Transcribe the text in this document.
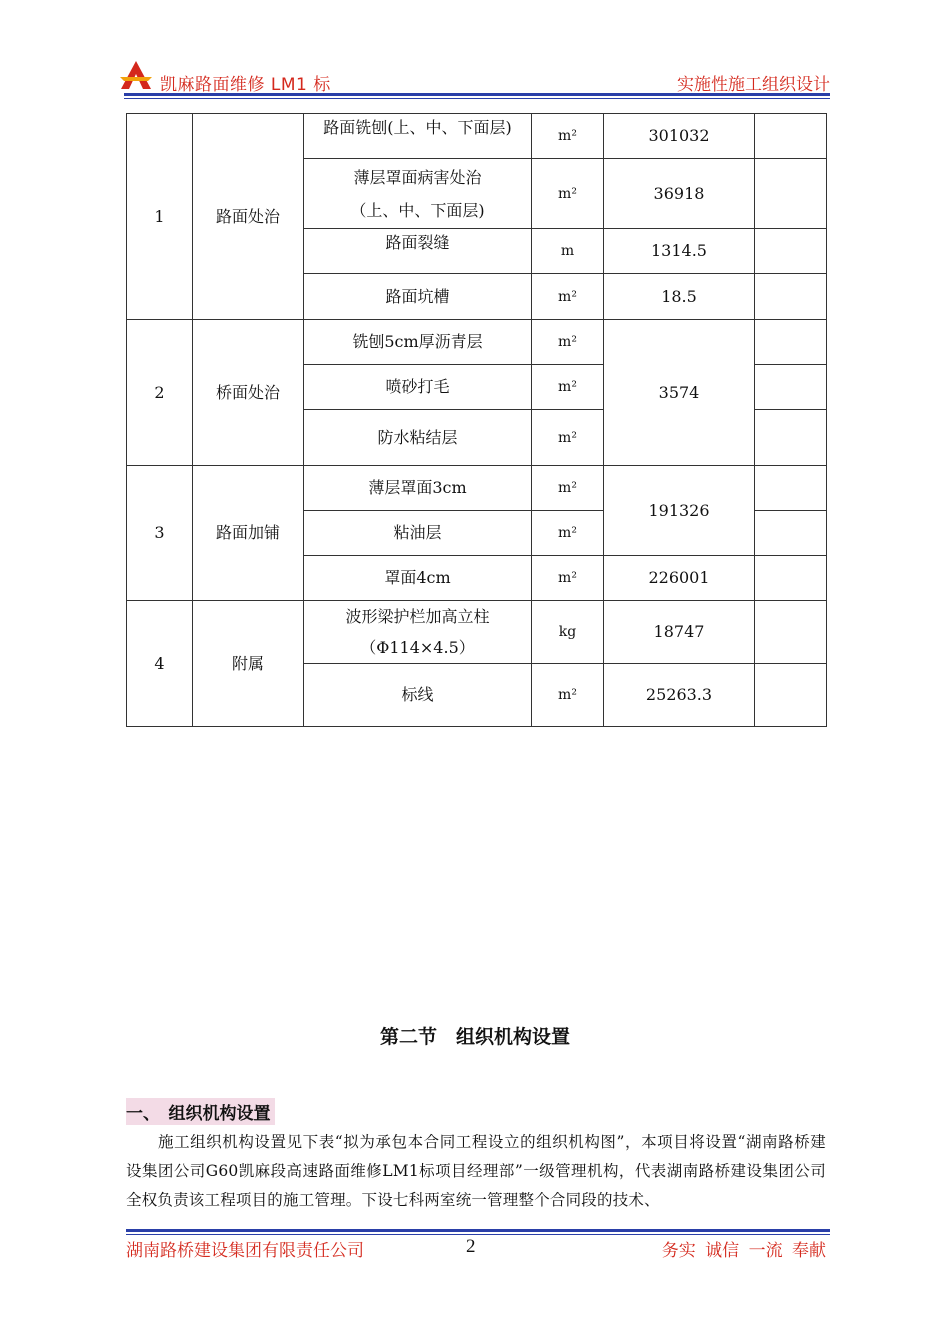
凯麻路面维修 LM1 标	实施性施工组织设计
1	路面处治	路面铣刨(上、中、下面层)	m²	301032	
		薄层罩面病害处治（上、中、下面层)	m²	36918	
		路面裂缝	m	1314.5	
		路面坑槽	m²	18.5	
2	桥面处治	铣刨5cm厚沥青层	m²	3574	
		喷砂打毛	m²		
		防水粘结层	m²		
3	路面加铺	薄层罩面3cm	m²	191326	
		粘油层	m²		
		罩面4cm	m²	226001	
4	附属	波形梁护栏加高立柱（Φ114×4.5）	kg	18747	
		标线	m²	25263.3	
第二节　组织机构设置
一、　组织机构设置
施工组织机构设置见下表“拟为承包本合同工程设立的组织机构图”，本项目将设置“湖南路桥建设集团公司G60凯麻段高速路面维修LM1标项目经理部”一级管理机构，代表湖南路桥建设集团公司全权负责该工程项目的施工管理。下设七科两室统一管理整个合同段的技术、
湖南路桥建设集团有限责任公司	2	务实 诚信 一流 奉献
